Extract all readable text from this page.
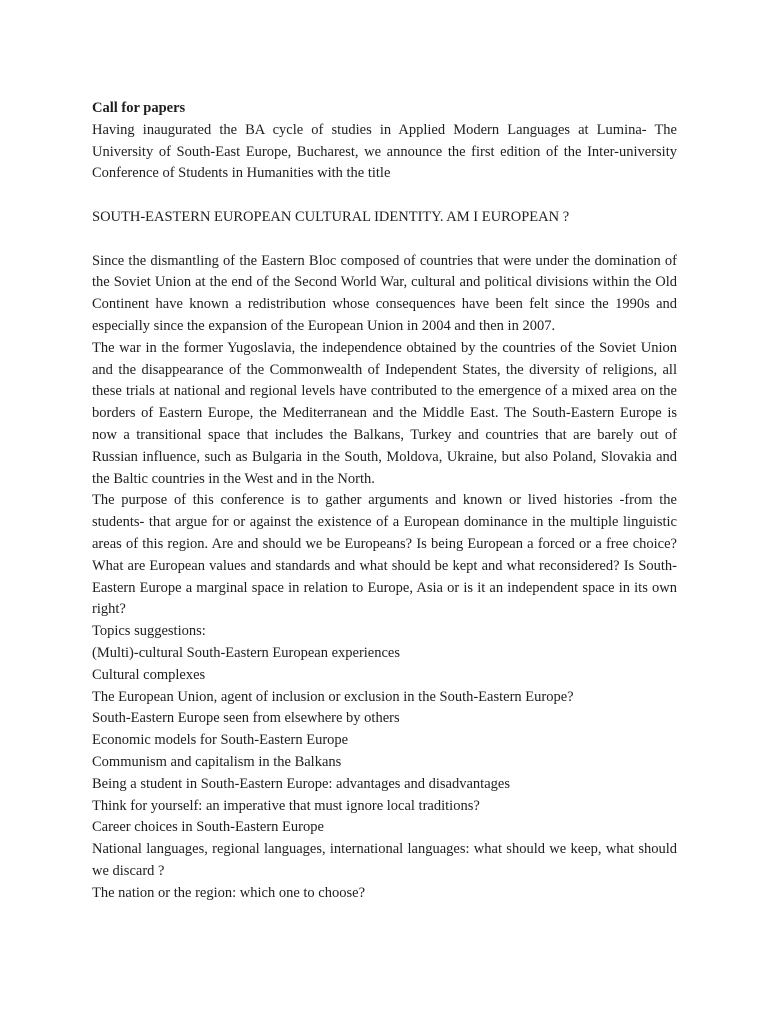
Call for papers

Having inaugurated the BA cycle of studies in Applied Modern Languages at Lumina- The University of South-East Europe, Bucharest, we announce the first edition of the Inter-university Conference of Students in Humanities with the title

SOUTH-EASTERN EUROPEAN CULTURAL IDENTITY. AM I EUROPEAN ?

Since the dismantling of the Eastern Bloc composed of countries that were under the domination of the Soviet Union at the end of the Second World War, cultural and political divisions within the Old Continent have known a redistribution whose consequences have been felt since the 1990s and especially since the expansion of the European Union in 2004 and then in 2007.

The war in the former Yugoslavia, the independence obtained by the countries of the Soviet Union and the disappearance of the Commonwealth of Independent States, the diversity of religions, all these trials at national and regional levels have contributed to the emergence of a mixed area on the borders of Eastern Europe, the Mediterranean and the Middle East. The South-Eastern Europe is now a transitional space that includes the Balkans, Turkey and countries that are barely out of Russian influence, such as Bulgaria in the South, Moldova, Ukraine, but also Poland, Slovakia and the Baltic countries in the West and in the North.

The purpose of this conference is to gather arguments and known or lived histories -from the students- that argue for or against the existence of a European dominance in the multiple linguistic areas of this region. Are and should we be Europeans? Is being European a forced or a free choice? What are European values and standards and what should be kept and what reconsidered? Is South-Eastern Europe a marginal space in relation to Europe, Asia or is it an independent space in its own right?

Topics suggestions:

(Multi)-cultural South-Eastern European experiences

Cultural complexes

The European Union, agent of inclusion or exclusion in the South-Eastern Europe?

South-Eastern Europe seen from elsewhere by others

Economic models for South-Eastern Europe

Communism and capitalism in the Balkans

Being a student in South-Eastern Europe: advantages and disadvantages

Think for yourself: an imperative that must ignore local traditions?

Career choices in South-Eastern Europe

National languages, regional languages, international languages: what should we keep, what should we discard ?

The nation or the region: which one to choose?
